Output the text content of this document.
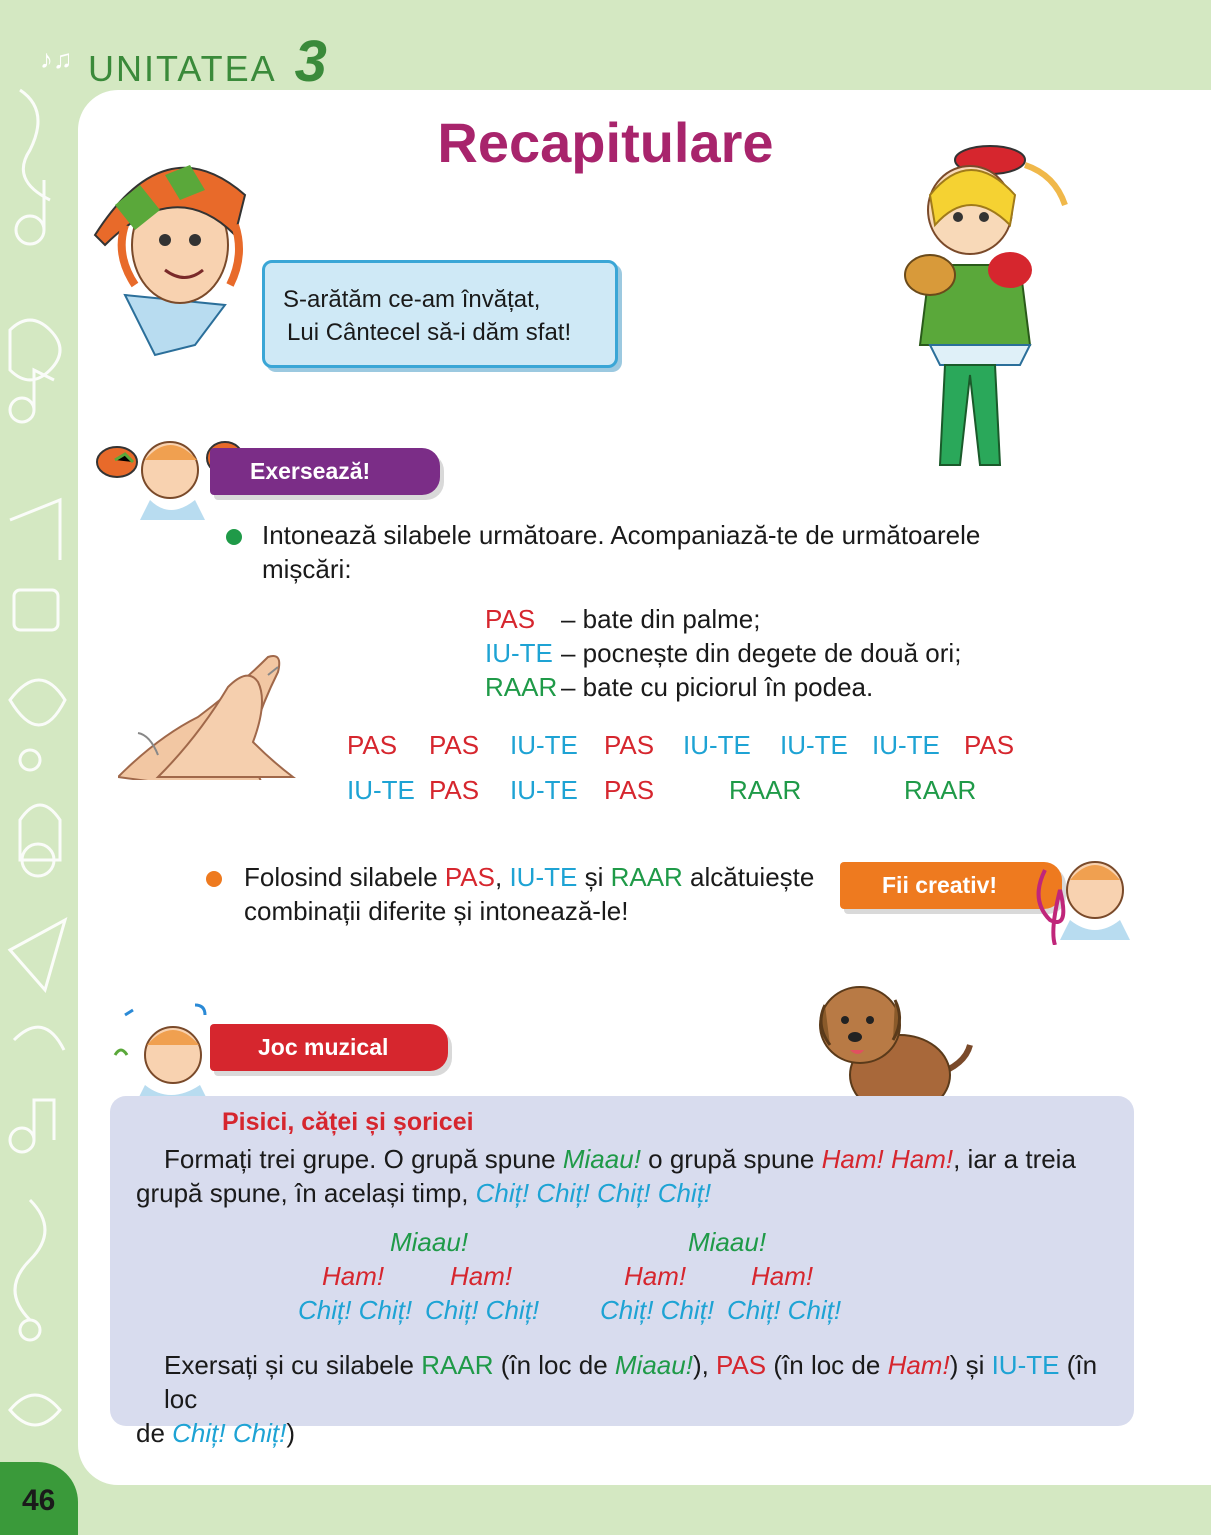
♪♫ UNITATEA 3
Recapitulare
S-arătăm ce-am învățat,
Lui Cântecel să-i dăm sfat!
Exersează!
Intonează silabele următoare. Acompaniază-te de următoarele
mișcări:
PAS – bate din palme;
IU-TE – pocnește din degete de două ori;
RAAR – bate cu piciorul în podea.
PAS PAS IU-TE PAS IU-TE IU-TE IU-TE PAS
IU-TE PAS IU-TE PAS	RAAR	RAAR
Folosind silabele PAS, IU-TE și RAAR alcătuiește
combinații diferite și intonează-le!
Fii creativ!
Joc muzical
Pisici, căței și șoricei
Formați trei grupe. O grupă spune Miaau! o grupă spune Ham! Ham!, iar a treia
grupă spune, în același timp, Chiț! Chiț! Chiț! Chiț!
Miaau!
Ham!	Ham!
Chiț! Chiț! Chiț! Chiț!
Miaau!
Ham! Ham!
Chiț! Chiț! Chiț! Chiț!
Exersați și cu silabele RAAR (în loc de Miaau!), PAS (în loc de Ham!) și IU-TE (în loc
de Chiț! Chiț!)
46
